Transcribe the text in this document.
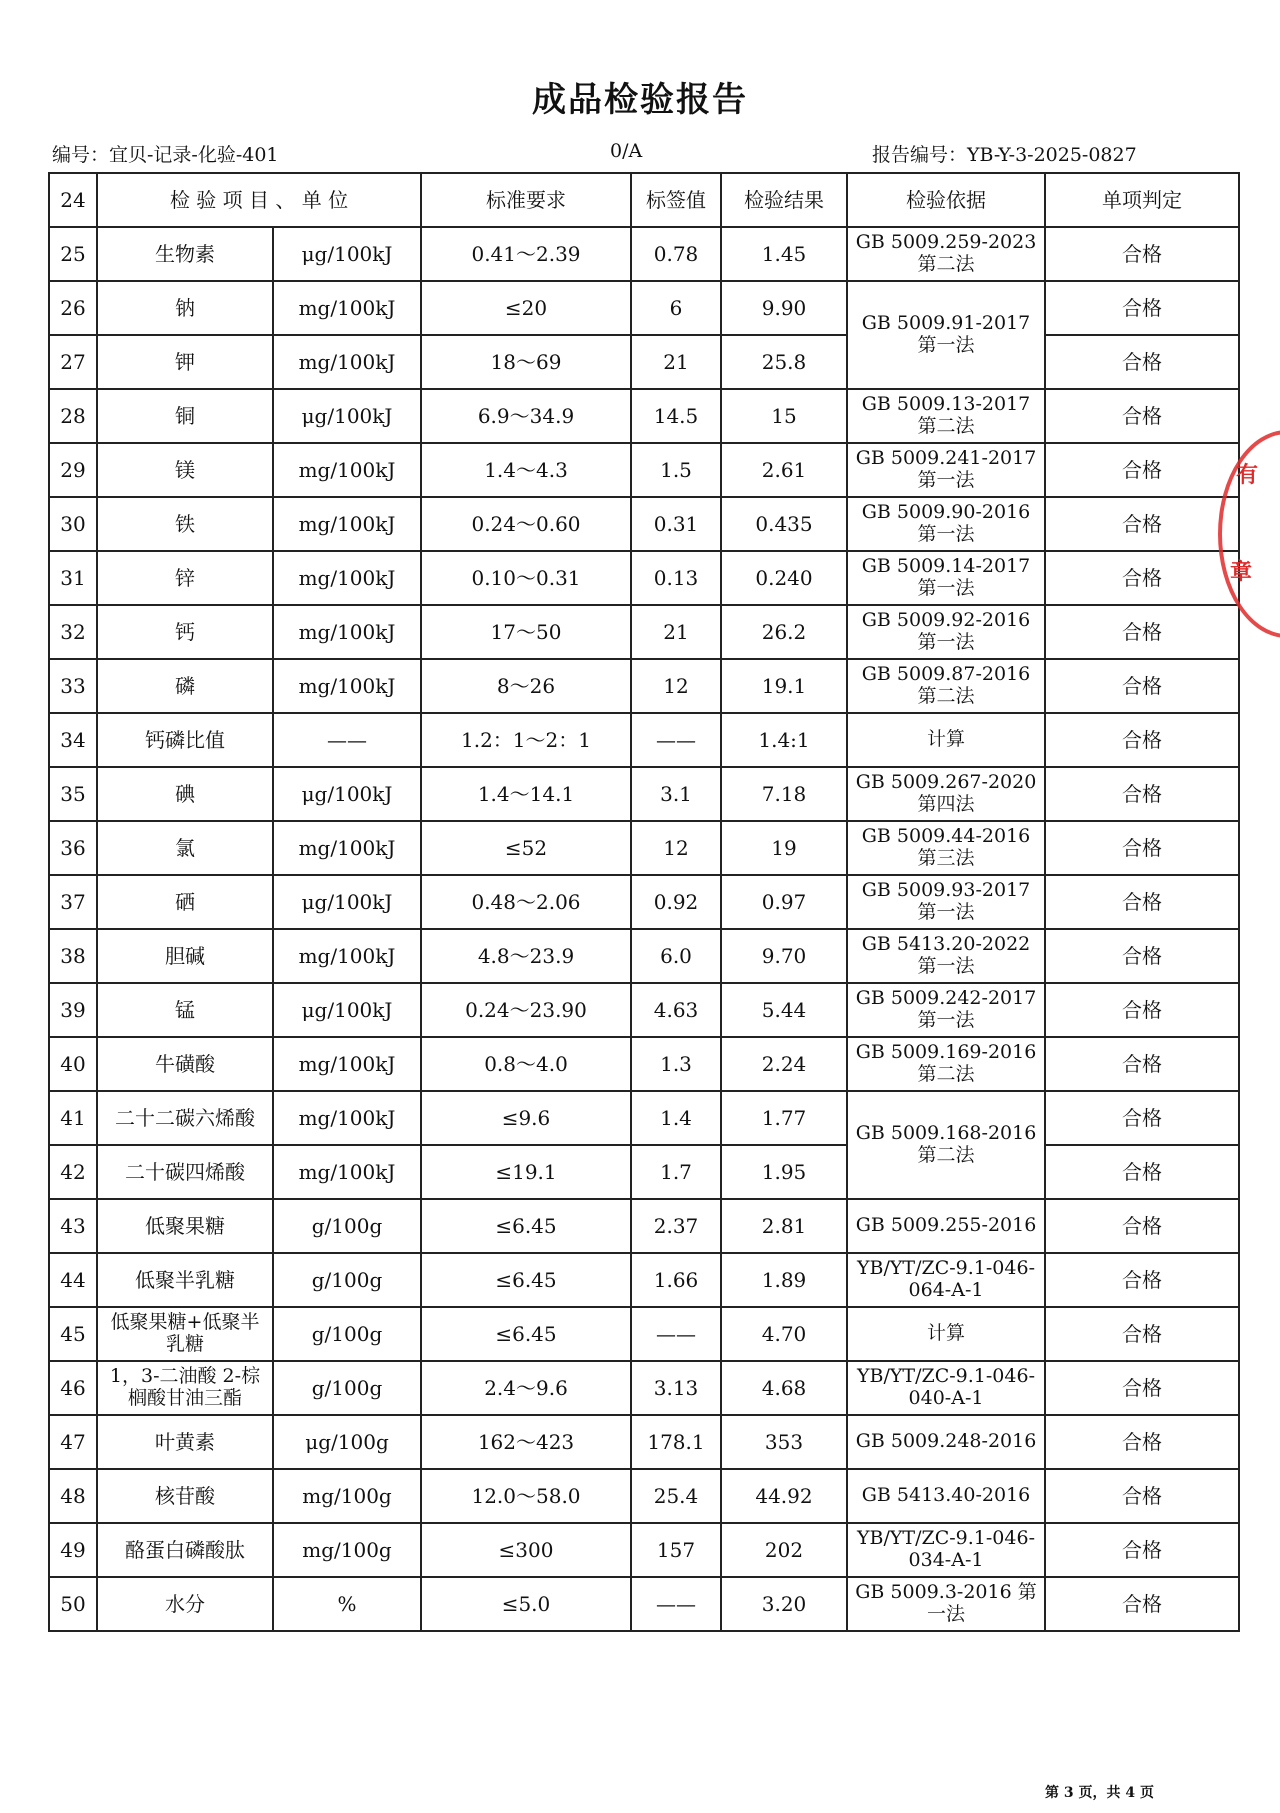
成品检验报告
编号：宜贝-记录-化验-401	0/A	报告编号：YB-Y-3-2025-0827
24	检 验 项 目 、 单 位		标准要求	标签值	检验结果	检验依据	单项判定
25	生物素	μg/100kJ	0.41～2.39	0.78	1.45	GB 5009.259-2023 第二法	合格
26	钠	mg/100kJ	≤20	6	9.90	GB 5009.91-2017 第一法	合格
27	钾	mg/100kJ	18～69	21	25.8		合格
28	铜	μg/100kJ	6.9～34.9	14.5	15	GB 5009.13-2017 第二法	合格
29	镁	mg/100kJ	1.4～4.3	1.5	2.61	GB 5009.241-2017 第一法	合格
30	铁	mg/100kJ	0.24～0.60	0.31	0.435	GB 5009.90-2016 第一法	合格
31	锌	mg/100kJ	0.10～0.31	0.13	0.240	GB 5009.14-2017 第一法	合格
32	钙	mg/100kJ	17～50	21	26.2	GB 5009.92-2016 第一法	合格
33	磷	mg/100kJ	8～26	12	19.1	GB 5009.87-2016 第二法	合格
34	钙磷比值	——	1.2：1～2：1	——	1.4:1	计算	合格
35	碘	μg/100kJ	1.4～14.1	3.1	7.18	GB 5009.267-2020 第四法	合格
36	氯	mg/100kJ	≤52	12	19	GB 5009.44-2016 第三法	合格
37	硒	μg/100kJ	0.48～2.06	0.92	0.97	GB 5009.93-2017 第一法	合格
38	胆碱	mg/100kJ	4.8～23.9	6.0	9.70	GB 5413.20-2022 第一法	合格
39	锰	μg/100kJ	0.24～23.90	4.63	5.44	GB 5009.242-2017 第一法	合格
40	牛磺酸	mg/100kJ	0.8～4.0	1.3	2.24	GB 5009.169-2016 第二法	合格
41	二十二碳六烯酸	mg/100kJ	≤9.6	1.4	1.77	GB 5009.168-2016 第二法	合格
42	二十碳四烯酸	mg/100kJ	≤19.1	1.7	1.95		合格
43	低聚果糖	g/100g	≤6.45	2.37	2.81	GB 5009.255-2016	合格
44	低聚半乳糖	g/100g	≤6.45	1.66	1.89	YB/YT/ZC-9.1-046-064-A-1	合格
45	低聚果糖+低聚半乳糖	g/100g	≤6.45	——	4.70	计算	合格
46	1，3-二油酸 2-棕榈酸甘油三酯	g/100g	2.4～9.6	3.13	4.68	YB/YT/ZC-9.1-046-040-A-1	合格
47	叶黄素	μg/100g	162～423	178.1	353	GB 5009.248-2016	合格
48	核苷酸	mg/100g	12.0～58.0	25.4	44.92	GB 5413.40-2016	合格
49	酪蛋白磷酸肽	mg/100g	≤300	157	202	YB/YT/ZC-9.1-046-034-A-1	合格
50	水分	%	≤5.0	——	3.20	GB 5009.3-2016 第一法	合格
有
章
第 3 页，共 4 页
